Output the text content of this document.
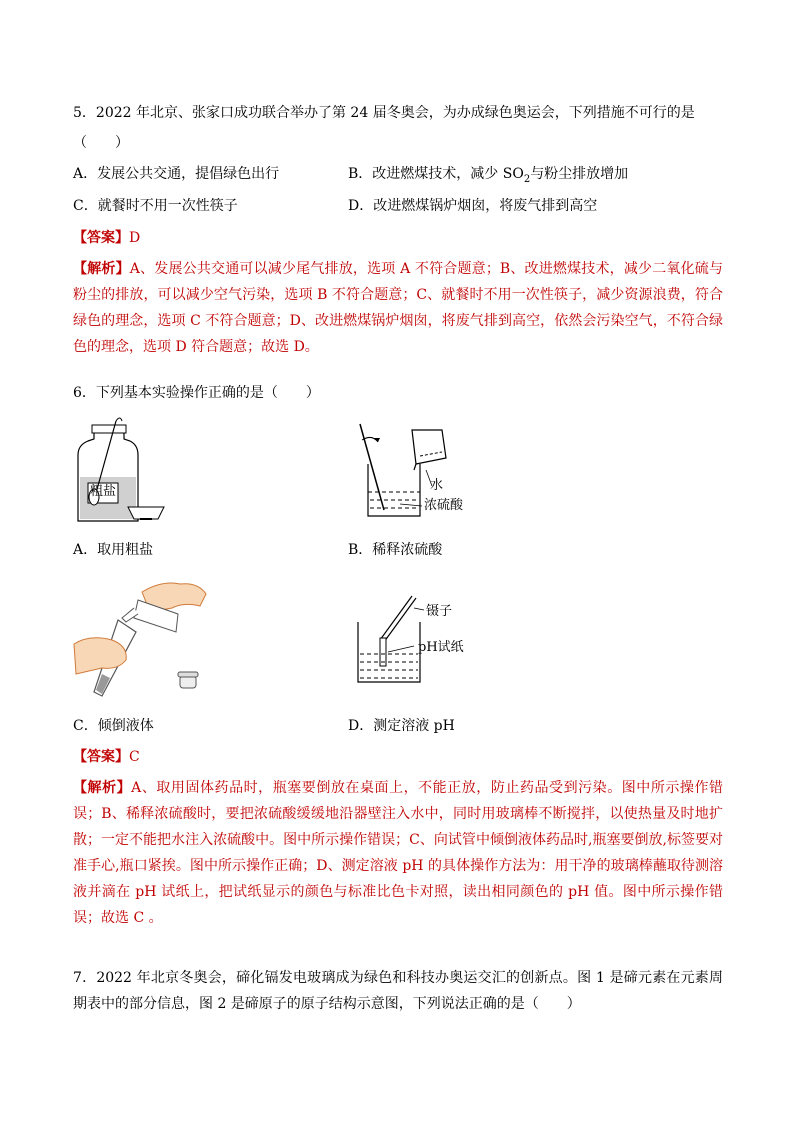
5．2022 年北京、张家口成功联合举办了第 24 届冬奥会，为办成绿色奥运会，下列措施不可行的是
（　　）
A．发展公共交通，提倡绿色出行	B．改进燃煤技术，减少 $SO_2$与粉尘排放增加
C．就餐时不用一次性筷子	D．改进燃煤锅炉烟囱，将废气排到高空
【答案】D
【解析】A、发展公共交通可以减少尾气排放，选项 A 不符合题意；B、改进燃煤技术，减少二氧化硫与粉尘的排放，可以减少空气污染，选项 B 不符合题意；C、就餐时不用一次性筷子，减少资源浪费，符合绿色的理念，选项 C 不符合题意；D、改进燃煤锅炉烟囱，将废气排到高空，依然会污染空气，不符合绿色的理念，选项 D 符合题意；故选 D。
6．下列基本实验操作正确的是（　　）
粗盐	水
浓硫酸
A．取用粗盐	B．稀释浓硫酸
镊子
pH试纸
C．倾倒液体	D．测定溶液 pH
【答案】C
【解析】A、取用固体药品时，瓶塞要倒放在桌面上，不能正放，防止药品受到污染。图中所示操作错误；B、稀释浓硫酸时，要把浓硫酸缓缓地沿器壁注入水中，同时用玻璃棒不断搅拌，以使热量及时地扩散；一定不能把水注入浓硫酸中。图中所示操作错误；C、向试管中倾倒液体药品时,瓶塞要倒放,标签要对准手心,瓶口紧挨。图中所示操作正确；D、测定溶液 pH 的具体操作方法为：用干净的玻璃棒蘸取待测溶液并滴在 pH 试纸上，把试纸显示的颜色与标准比色卡对照，读出相同颜色的 pH 值。图中所示操作错误；故选 C 。
7．2022 年北京冬奥会，碲化镉发电玻璃成为绿色和科技办奥运交汇的创新点。图 1 是碲元素在元素周期表中的部分信息，图 2 是碲原子的原子结构示意图，下列说法正确的是（　　）
